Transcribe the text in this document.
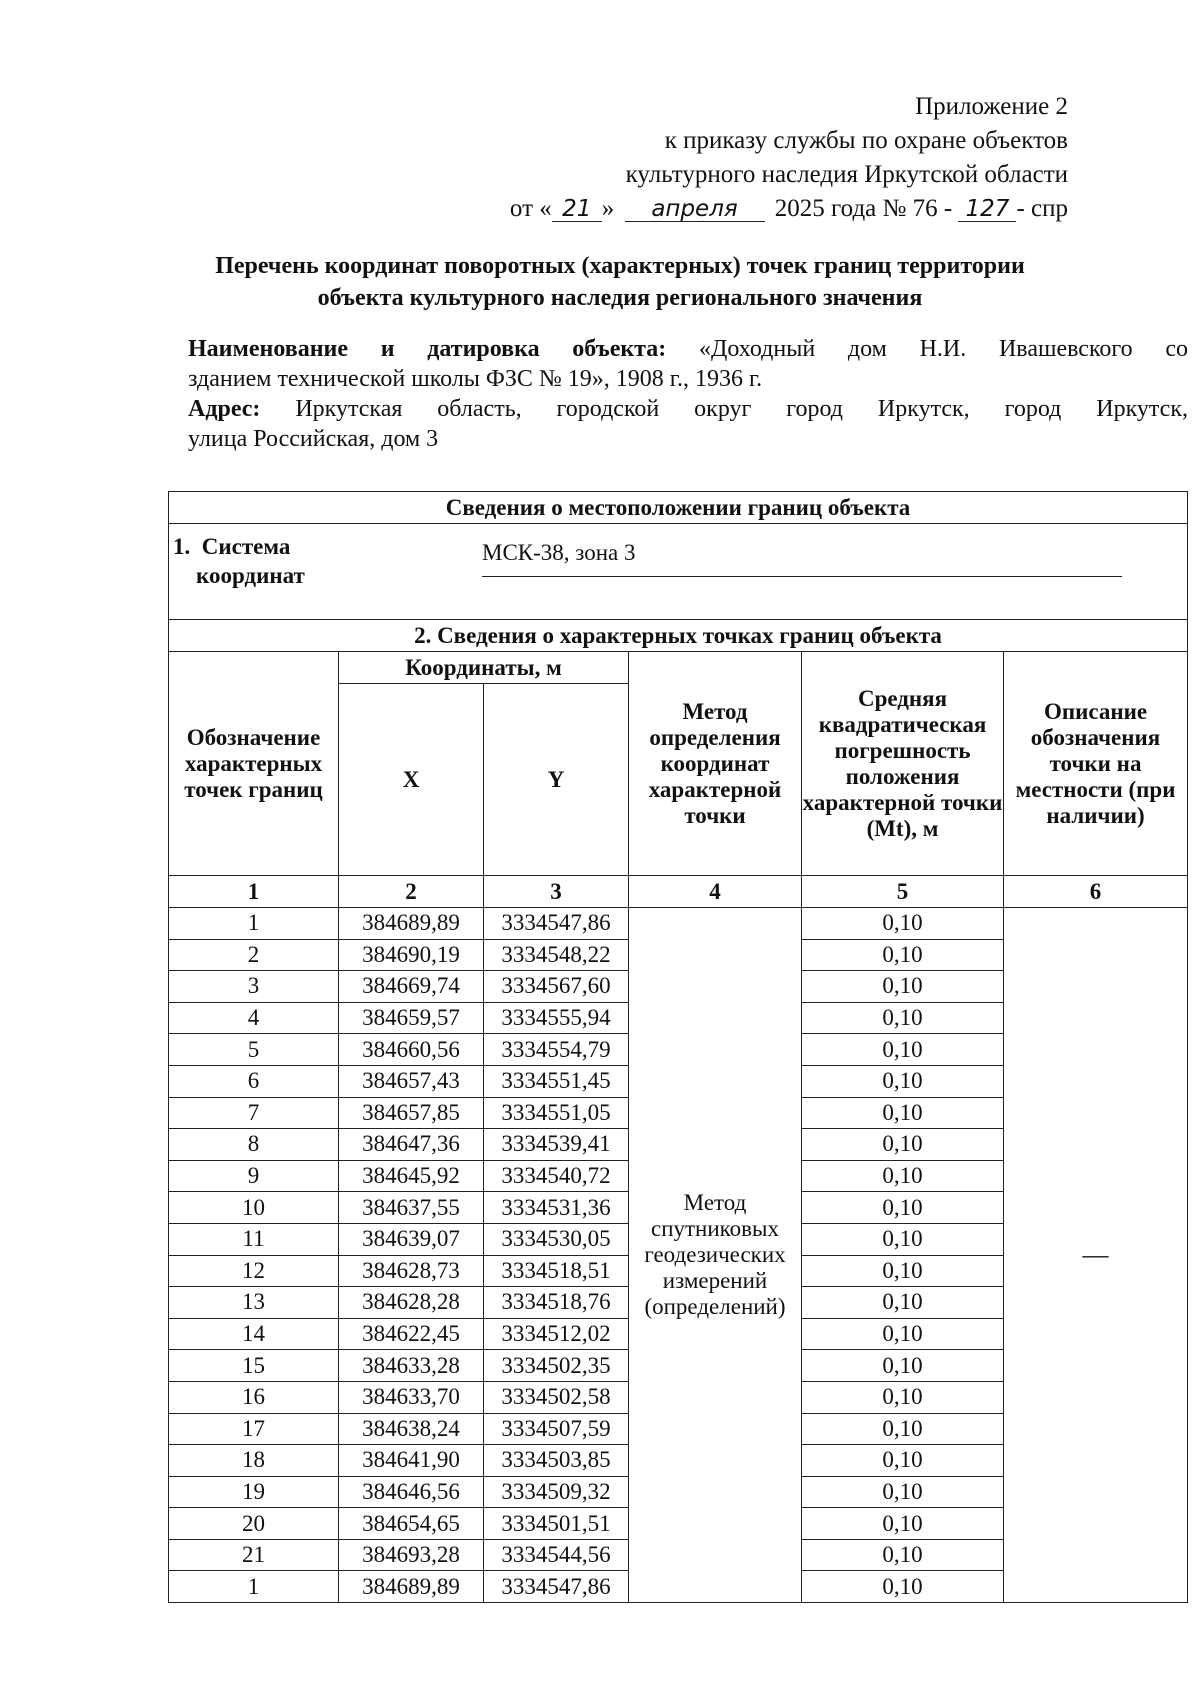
Приложение 2
к приказу службы по охране объектов
культурного наследия Иркутской области
от « 21 » апреля 2025 года № 76 - 127 - спр
Перечень координат поворотных (характерных) точек границ территории
объекта культурного наследия регионального значения
Наименование и датировка объекта: «Доходный дом Н.И. Ивашевского со
зданием технической школы ФЗС № 19», 1908 г., 1936 г.
Адрес: Иркутская область, городской округ город Иркутск, город Иркутск,
улица Российская, дом 3
Сведения о местоположении границ объекта					

1. Система
координат
МСК-38, зона 3					

2. Сведения о характерных точках границ объекта					
Обозначение характерных точек границ	Координаты, м		Метод определения координат характерной точки	Средняя квадратическая погрешность положения характерной точки (Mt), м	Описание обозначения точки на местности (при наличии)
	X	Y			
1	2	3	4	5	6
1	384689,89	3334547,86	Метод спутниковых геодезических измерений (определений)	0,10	—
2	384690,19	3334548,22		0,10	
3	384669,74	3334567,60		0,10	
4	384659,57	3334555,94		0,10	
5	384660,56	3334554,79		0,10	
6	384657,43	3334551,45		0,10	
7	384657,85	3334551,05		0,10	
8	384647,36	3334539,41		0,10	
9	384645,92	3334540,72		0,10	
10	384637,55	3334531,36		0,10	
11	384639,07	3334530,05		0,10	
12	384628,73	3334518,51		0,10	
13	384628,28	3334518,76		0,10	
14	384622,45	3334512,02		0,10	
15	384633,28	3334502,35		0,10	
16	384633,70	3334502,58		0,10	
17	384638,24	3334507,59		0,10	
18	384641,90	3334503,85		0,10	
19	384646,56	3334509,32		0,10	
20	384654,65	3334501,51		0,10	
21	384693,28	3334544,56		0,10	
1	384689,89	3334547,86		0,10	
